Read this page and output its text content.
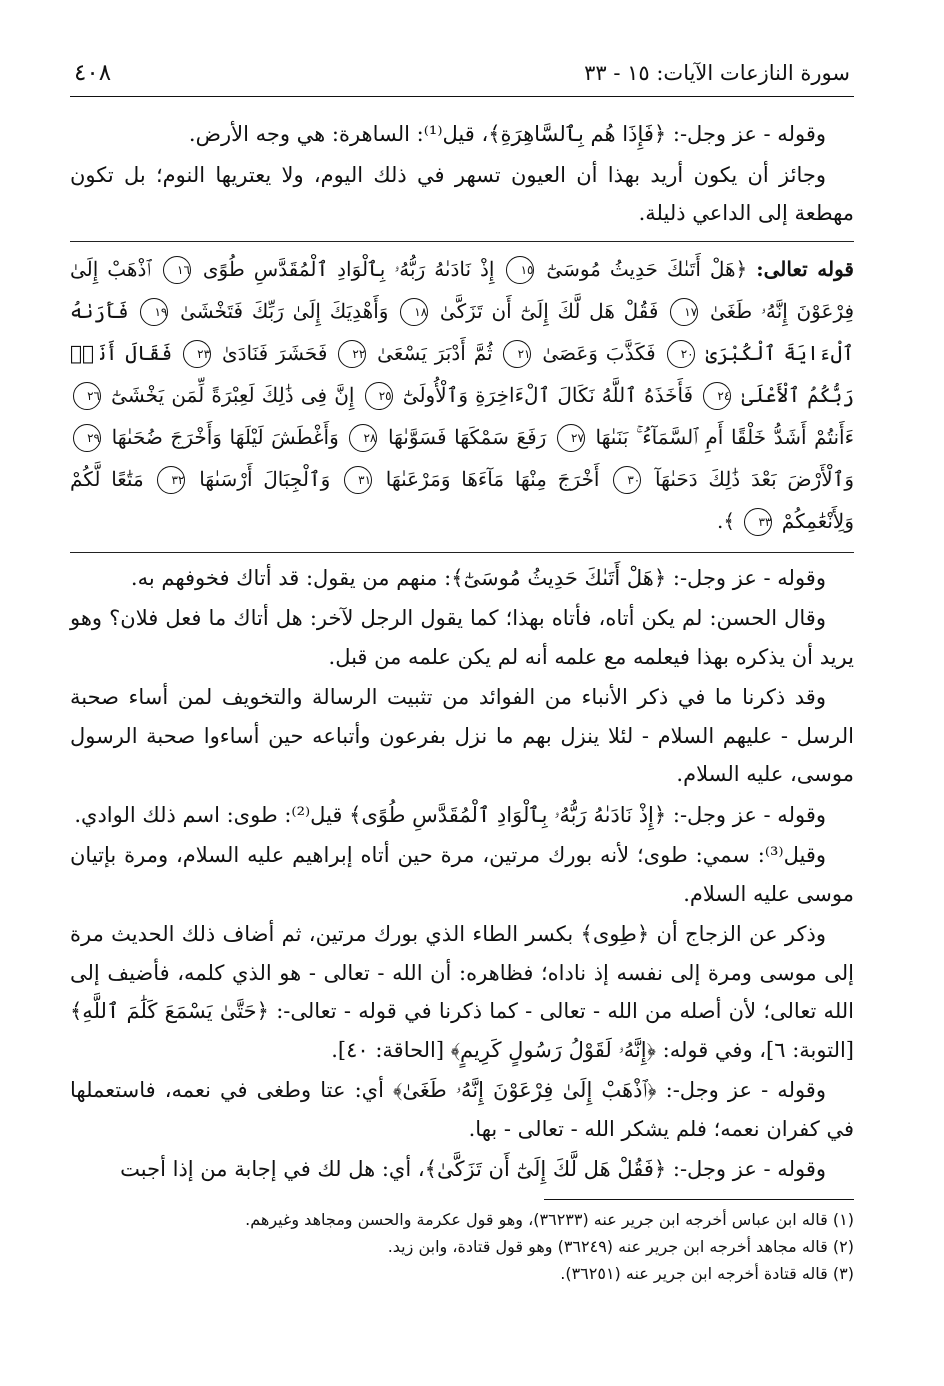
سورة النازعات الآيات: ١٥ - ٣٣
٤٠٨

وقوله - عز وجل-: ﴿فَإِذَا هُم بِٱلسَّاهِرَةِ﴾، قيل⁽¹⁾: الساهرة: هي وجه الأرض.

وجائز أن يكون أريد بهذا أن العيون تسهر في ذلك اليوم، ولا يعتريها النوم؛ بل تكون مهطعة إلى الداعي ذليلة.

قوله تعالى: ﴿هَلْ أَتَىٰكَ حَدِيثُ مُوسَىٰٓ ١٥ إِذْ نَادَىٰهُ رَبُّهُۥ بِٱلْوَادِ ٱلْمُقَدَّسِ طُوًى ١٦ ٱذْهَبْ إِلَىٰ فِرْعَوْنَ إِنَّهُۥ طَغَىٰ ١٧ فَقُلْ هَل لَّكَ إِلَىٰٓ أَن تَزَكَّىٰ ١٨ وَأَهْدِيَكَ إِلَىٰ رَبِّكَ فَتَخْشَىٰ ١٩ فَأَرَىٰهُ ٱلْءَايَةَ ٱلْكُبْرَىٰ ٢٠ فَكَذَّبَ وَعَصَىٰ ٢١ ثُمَّ أَدْبَرَ يَسْعَىٰ ٢٢ فَحَشَرَ فَنَادَىٰ ٢٣ فَقَالَ أَنَا۠ رَبُّكُمُ ٱلْأَعْلَىٰ ٢٤ فَأَخَذَهُ ٱللَّهُ نَكَالَ ٱلْءَاخِرَةِ وَٱلْأُولَىٰٓ ٢٥ إِنَّ فِى ذَٰلِكَ لَعِبْرَةً لِّمَن يَخْشَىٰٓ ٢٦ ءَأَنتُمْ أَشَدُّ خَلْقًا أَمِ ٱلسَّمَآءُ ۚ بَنَىٰهَا ٢٧ رَفَعَ سَمْكَهَا فَسَوَّىٰهَا ٢٨ وَأَغْطَشَ لَيْلَهَا وَأَخْرَجَ ضُحَىٰهَا ٢٩ وَٱلْأَرْضَ بَعْدَ ذَٰلِكَ دَحَىٰهَآ ٣٠ أَخْرَجَ مِنْهَا مَآءَهَا وَمَرْعَىٰهَا ٣١ وَٱلْجِبَالَ أَرْسَىٰهَا ٣٢ مَتَٰعًا لَّكُمْ وَلِأَنْعَٰمِكُمْ ٣٣ ﴾.

وقوله - عز وجل-: ﴿هَلْ أَتَىٰكَ حَدِيثُ مُوسَىٰٓ﴾: منهم من يقول: قد أتاك فخوفهم به.

وقال الحسن: لم يكن أتاه، فأتاه بهذا؛ كما يقول الرجل لآخر: هل أتاك ما فعل فلان؟ وهو يريد أن يذكره بهذا فيعلمه مع علمه أنه لم يكن علمه من قبل.

وقد ذكرنا ما في ذكر الأنباء من الفوائد من تثبيت الرسالة والتخويف لمن أساء صحبة الرسل - عليهم السلام - لئلا ينزل بهم ما نزل بفرعون وأتباعه حين أساءوا صحبة الرسول موسى، عليه السلام.

وقوله - عز وجل-: ﴿إِذْ نَادَىٰهُ رَبُّهُۥ بِٱلْوَادِ ٱلْمُقَدَّسِ طُوًى﴾ قيل⁽²⁾: طوى: اسم ذلك الوادي.

وقيل⁽³⁾: سمي: طوى؛ لأنه بورك مرتين، مرة حين أتاه إبراهيم عليه السلام، ومرة بإتيان موسى عليه السلام.

وذكر عن الزجاج أن ﴿طِوى﴾ بكسر الطاء الذي بورك مرتين، ثم أضاف ذلك الحديث مرة إلى موسى ومرة إلى نفسه إذ ناداه؛ فظاهره: أن الله - تعالى - هو الذي كلمه، فأضيف إلى الله تعالى؛ لأن أصله من الله - تعالى - كما ذكرنا في قوله - تعالى-: ﴿حَتَّىٰ يَسْمَعَ كَلَٰمَ ٱللَّهِ﴾ [التوبة: ٦]، وفي قوله: ﴿إِنَّهُۥ لَقَوْلُ رَسُولٍ كَرِيمٍ﴾ [الحاقة: ٤٠].

وقوله - عز وجل-: ﴿ٱذْهَبْ إِلَىٰ فِرْعَوْنَ إِنَّهُۥ طَغَىٰ﴾ أي: عتا وطغى في نعمه، فاستعملها في كفران نعمه؛ فلم يشكر الله - تعالى - بها.

وقوله - عز وجل-: ﴿فَقُلْ هَل لَّكَ إِلَىٰٓ أَن تَزَكَّىٰ﴾، أي: هل لك في إجابة من إذا أجبت

(١) قاله ابن عباس أخرجه ابن جرير عنه (٣٦٢٣٣)، وهو قول عكرمة والحسن ومجاهد وغيرهم.
(٢) قاله مجاهد أخرجه ابن جرير عنه (٣٦٢٤٩) وهو قول قتادة، وابن زيد.
(٣) قاله قتادة أخرجه ابن جرير عنه (٣٦٢٥١).
